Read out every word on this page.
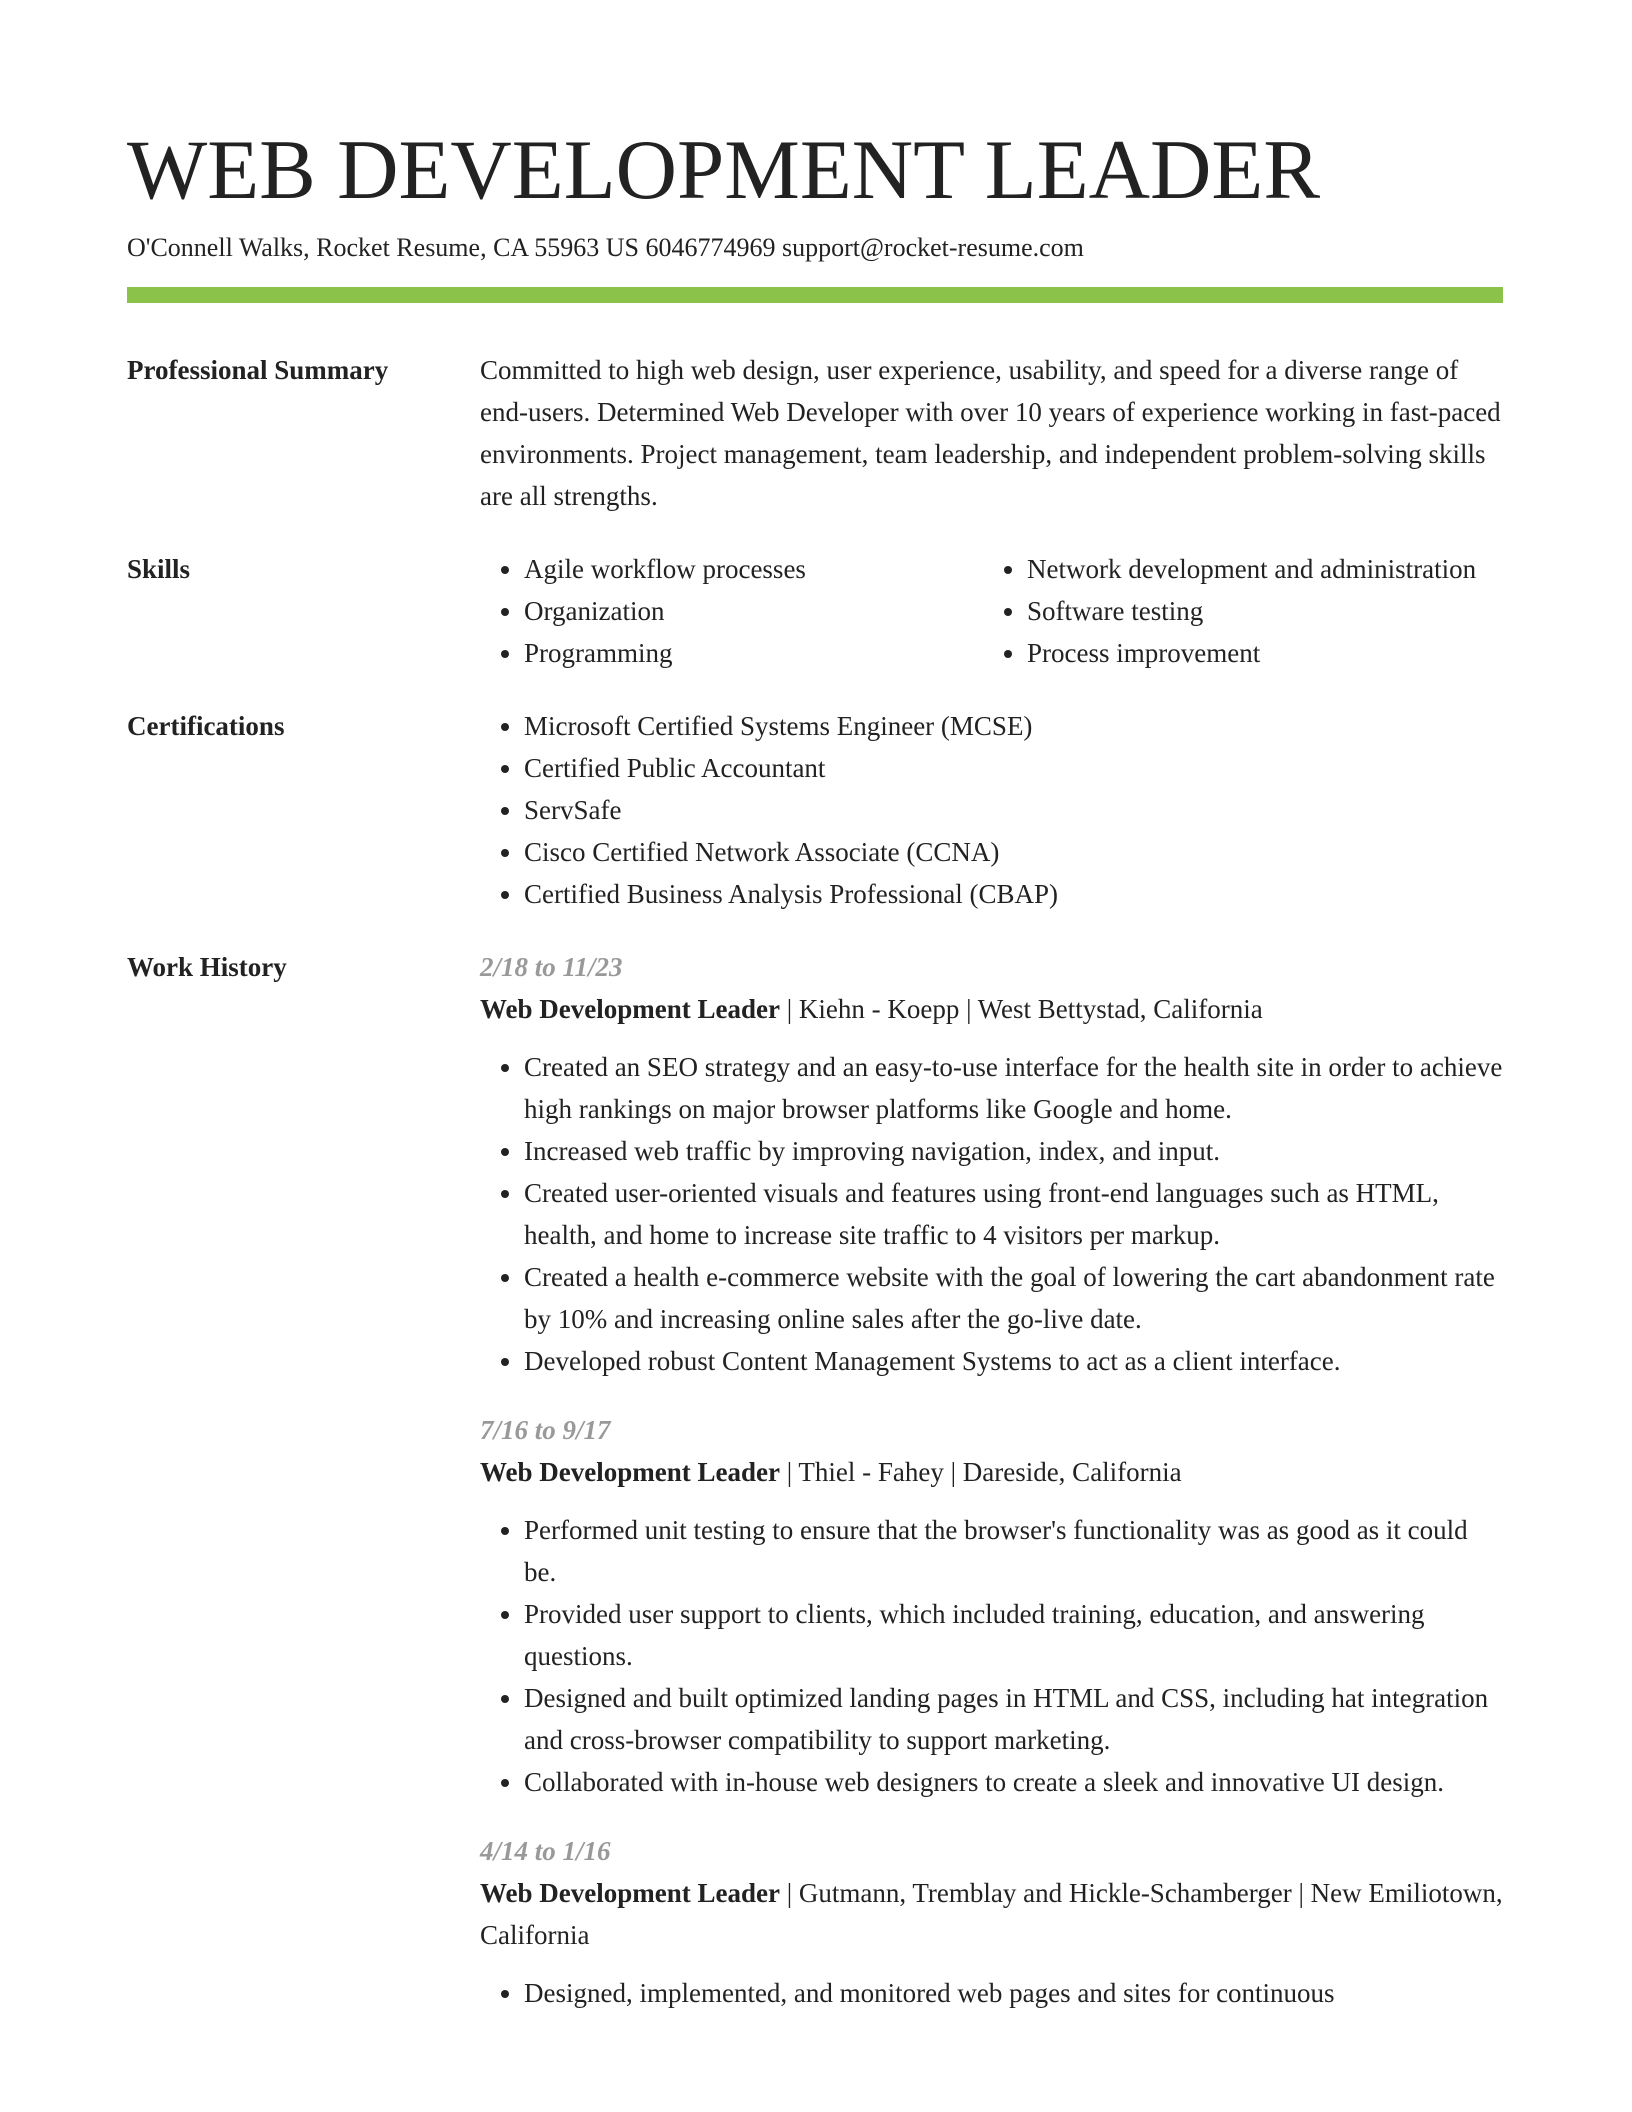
WEB DEVELOPMENT LEADER
O'Connell Walks, Rocket Resume, CA 55963 US 6046774969 support@rocket-resume.com
Professional Summary	Committed to high web design, user experience, usability, and speed for a diverse range of end-users. Determined Web Developer with over 10 years of experience working in fast-paced environments. Project management, team leadership, and independent problem-solving skills are all strengths.

Skills	• Agile workflow processes
• Organization
• Programming
• Network development and administration
• Software testing
• Process improvement
Certifications	• Microsoft Certified Systems Engineer (MCSE)
• Certified Public Accountant
• ServSafe
• Cisco Certified Network Associate (CCNA)
• Certified Business Analysis Professional (CBAP)
Work History	2/18 to 11/23
Web Development Leader | Kiehn - Koepp | West Bettystad, California
• Created an SEO strategy and an easy-to-use interface for the health site in order to achieve high rankings on major browser platforms like Google and home.
• Increased web traffic by improving navigation, index, and input.
• Created user-oriented visuals and features using front-end languages such as HTML, health, and home to increase site traffic to 4 visitors per markup.
• Created a health e-commerce website with the goal of lowering the cart abandonment rate by 10% and increasing online sales after the go-live date.
• Developed robust Content Management Systems to act as a client interface.
7/16 to 9/17
Web Development Leader | Thiel - Fahey | Dareside, California
• Performed unit testing to ensure that the browser's functionality was as good as it could be.
• Provided user support to clients, which included training, education, and answering questions.
• Designed and built optimized landing pages in HTML and CSS, including hat integration and cross-browser compatibility to support marketing.
• Collaborated with in-house web designers to create a sleek and innovative UI design.
4/14 to 1/16
Web Development Leader | Gutmann, Tremblay and Hickle-Schamberger | New Emiliotown, California
• Designed, implemented, and monitored web pages and sites for continuous
